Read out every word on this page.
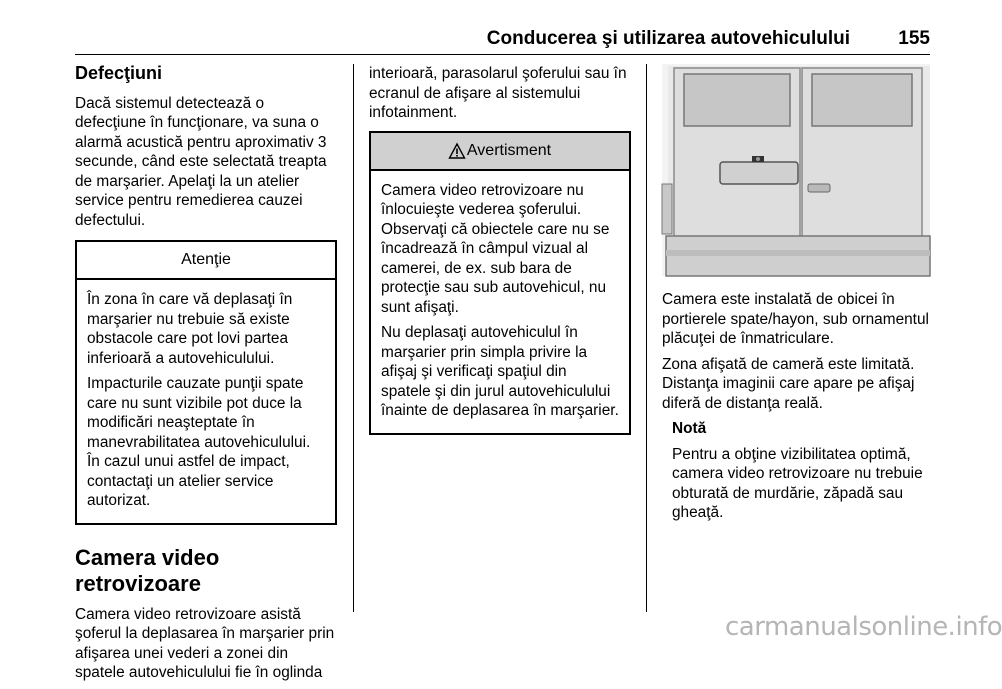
Conducerea şi utilizarea autovehiculului	155
Defecţiuni

Dacă sistemul detectează o defecţiune în funcţionare, va suna o alarmă acustică pentru aproximativ 3 secunde, când este selectată treapta de marşarier. Apelaţi la un atelier service pentru remedierea cauzei defectului.

Atenţie

În zona în care vă deplasaţi în marşarier nu trebuie să existe obstacole care pot lovi partea inferioară a autovehiculului.

Impacturile cauzate punţii spate care nu sunt vizibile pot duce la modificări neaşteptate în manevrabilitatea autovehiculului. În cazul unui astfel de impact, contactaţi un atelier service autorizat.

Camera video retrovizoare

Camera video retrovizoare asistă şoferul la deplasarea în marşarier prin afişarea unei vederi a zonei din spatele autovehiculului fie în oglinda

interioară, parasolarul şoferului sau în ecranul de afişare al sistemului infotainment.

Avertisment

Camera video retrovizoare nu înlocuieşte vederea şoferului. Observaţi că obiectele care nu se încadrează în câmpul vizual al camerei, de ex. sub bara de protecţie sau sub autovehicul, nu sunt afişaţi.

Nu deplasaţi autovehiculul în marşarier prin simpla privire la afişaj şi verificaţi spaţiul din spatele şi din jurul autovehiculului înainte de deplasarea în marşarier.

Camera este instalată de obicei în portierele spate/hayon, sub ornamentul plăcuţei de înmatriculare.

Zona afişată de cameră este limitată. Distanţa imaginii care apare pe afişaj diferă de distanţa reală.

Notă

Pentru a obţine vizibilitatea optimă, camera video retrovizoare nu trebuie obturată de murdărie, zăpadă sau gheaţă.

carmanualsonline.info
